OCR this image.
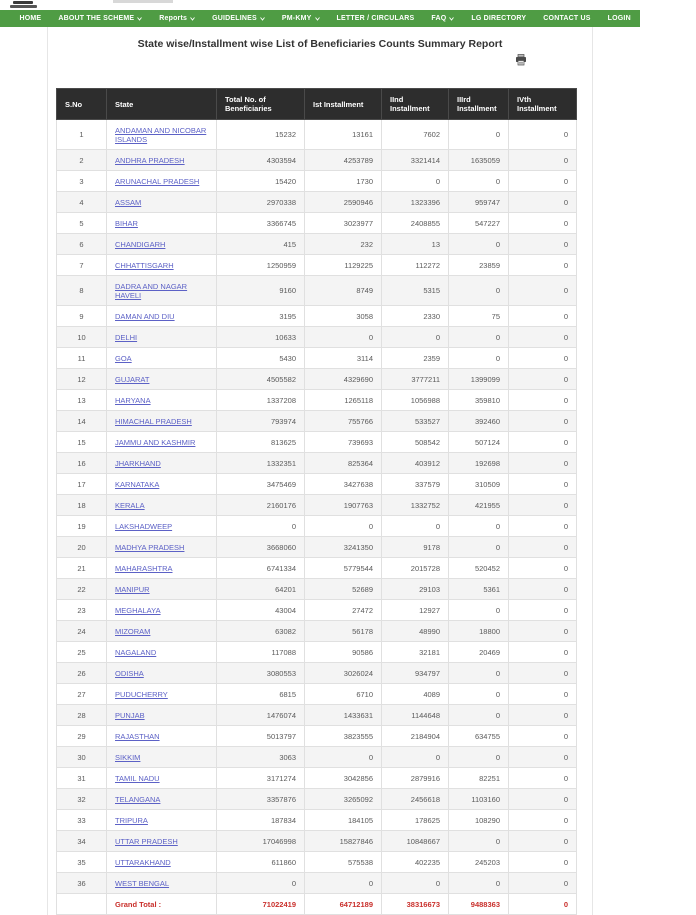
HOME ABOUT THE SCHEME	Reports	GUIDELINES	PM-KMY	LETTER / CIRCULARS FAQ	LG DIRECTORY CONTACT US LOGIN FTO LOGIN
State wise/Installment wise List of Beneficiaries Counts Summary Report
S.No	State	Total No. of Beneficiaries	Ist Installment	IInd Installment	IIIrd Installment	IVth Installment
1	ANDAMAN AND NICOBAR ISLANDS	15232	13161	7602	0	0
2	ANDHRA PRADESH	4303594	4253789	3321414	1635059	0
3	ARUNACHAL PRADESH	15420	1730	0	0	0
4	ASSAM	2970338	2590946	1323396	959747	0
5	BIHAR	3366745	3023977	2408855	547227	0
6	CHANDIGARH	415	232	13	0	0
7	CHHATTISGARH	1250959	1129225	112272	23859	0
8	DADRA AND NAGAR HAVELI	9160	8749	5315	0	0
9	DAMAN AND DIU	3195	3058	2330	75	0
10	DELHI	10633	0	0	0	0
11	GOA	5430	3114	2359	0	0
12	GUJARAT	4505582	4329690	3777211	1399099	0
13	HARYANA	1337208	1265118	1056988	359810	0
14	HIMACHAL PRADESH	793974	755766	533527	392460	0
15	JAMMU AND KASHMIR	813625	739693	508542	507124	0
16	JHARKHAND	1332351	825364	403912	192698	0
17	KARNATAKA	3475469	3427638	337579	310509	0
18	KERALA	2160176	1907763	1332752	421955	0
19	LAKSHADWEEP	0	0	0	0	0
20	MADHYA PRADESH	3668060	3241350	9178	0	0
21	MAHARASHTRA	6741334	5779544	2015728	520452	0
22	MANIPUR	64201	52689	29103	5361	0
23	MEGHALAYA	43004	27472	12927	0	0
24	MIZORAM	63082	56178	48990	18800	0
25	NAGALAND	117088	90586	32181	20469	0
26	ODISHA	3080553	3026024	934797	0	0
27	PUDUCHERRY	6815	6710	4089	0	0
28	PUNJAB	1476074	1433631	1144648	0	0
29	RAJASTHAN	5013797	3823555	2184904	634755	0
30	SIKKIM	3063	0	0	0	0
31	TAMIL NADU	3171274	3042856	2879916	82251	0
32	TELANGANA	3357876	3265092	2456618	1103160	0
33	TRIPURA	187834	184105	178625	108290	0
34	UTTAR PRADESH	17046998	15827846	10848667	0	0
35	UTTARAKHAND	611860	575538	402235	245203	0
36	WEST BENGAL	0	0	0	0	0
	Grand Total :	71022419	64712189	38316673	9488363	0
